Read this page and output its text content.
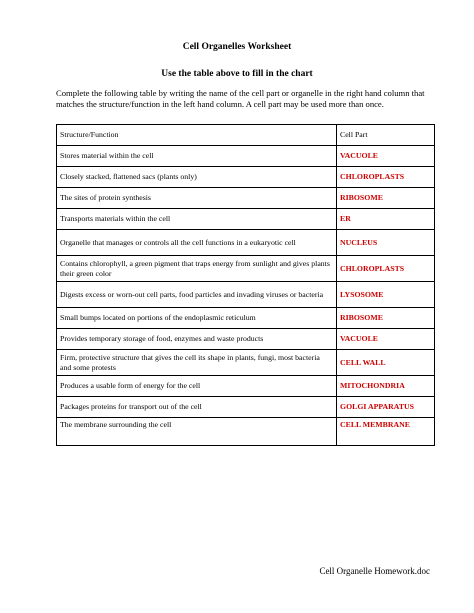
Cell Organelles Worksheet
Use the table above to fill in the chart
Complete the following table by writing the name of the cell part or organelle in the right hand column that matches the structure/function in the left hand column. A cell part may be used more than once.
Structure/Function	Cell Part
Stores material within the cell	VACUOLE
Closely stacked, flattened sacs (plants only)	CHLOROPLASTS
The sites of protein synthesis	RIBOSOME
Transports materials within the cell	ER
Organelle that manages or controls all the cell functions in a eukaryotic cell	NUCLEUS
Contains chlorophyll, a green pigment that traps energy from sunlight and gives plants their green color	CHLOROPLASTS
Digests excess or worn-out cell parts, food particles and invading viruses or bacteria	LYSOSOME
Small bumps located on portions of the endoplasmic reticulum	RIBOSOME
Provides temporary storage of food, enzymes and waste products	VACUOLE
Firm, protective structure that gives the cell its shape in plants, fungi, most bacteria and some protests	CELL WALL
Produces a usable form of energy for the cell	MITOCHONDRIA
Packages proteins for transport out of the cell	GOLGI APPARATUS
The membrane surrounding the cell	CELL MEMBRANE
Cell Organelle Homework.doc
